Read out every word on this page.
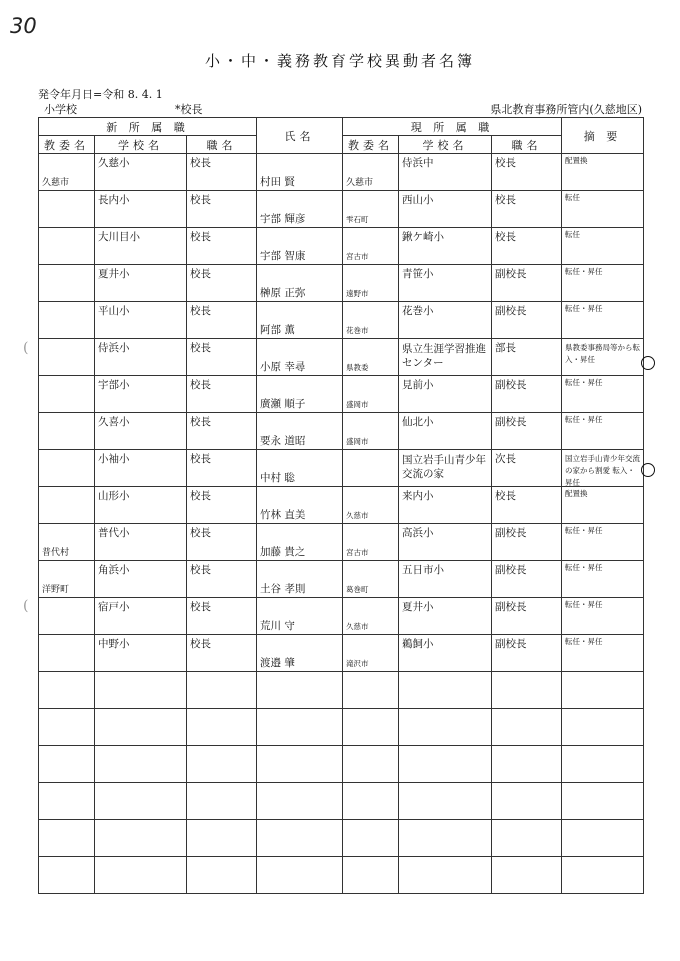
30
小・中・義務教育学校異動者名簿
発令年月日=令和 8. 4. 1
小学校	*校長	県北教育事務所管内(久慈地区)
新 所 属 職			氏名	現 所 属 職			摘 要
教委名	学校名	職名		教委名	学校名	職名	

久慈市	久慈小	校長	村田 賢	久慈市	侍浜中	校長	配置換

	長内小	校長	宇部 輝彦	雫石町	西山小	校長	転任

	大川目小	校長	宇部 智康	宮古市	鍬ケ崎小	校長	転任

	夏井小	校長	榊原 正弥	遠野市	青笹小	副校長	転任・昇任

	平山小	校長	阿部 薫	花巻市	花巻小	副校長	転任・昇任

	侍浜小	校長	小原 幸尋	県教委	県立生涯学習推進センター	部長	県教委事務局等から転入・昇任

	宇部小	校長	廣瀬 順子	盛岡市	見前小	副校長	転任・昇任

	久喜小	校長	要永 道昭	盛岡市	仙北小	副校長	転任・昇任

	小袖小	校長	中村 聡		国立岩手山青少年交流の家	次長	国立岩手山青少年交流の家から割愛 転入・昇任

	山形小	校長	竹林 直美	久慈市	来内小	校長	配置換

普代村	普代小	校長	加藤 貴之	宮古市	高浜小	副校長	転任・昇任

洋野町	角浜小	校長	土谷 孝則	葛巻町	五日市小	副校長	転任・昇任

	宿戸小	校長	荒川 守	久慈市	夏井小	副校長	転任・昇任

	中野小	校長	渡邉 肇	滝沢市	鵜飼小	副校長	転任・昇任

(
(
